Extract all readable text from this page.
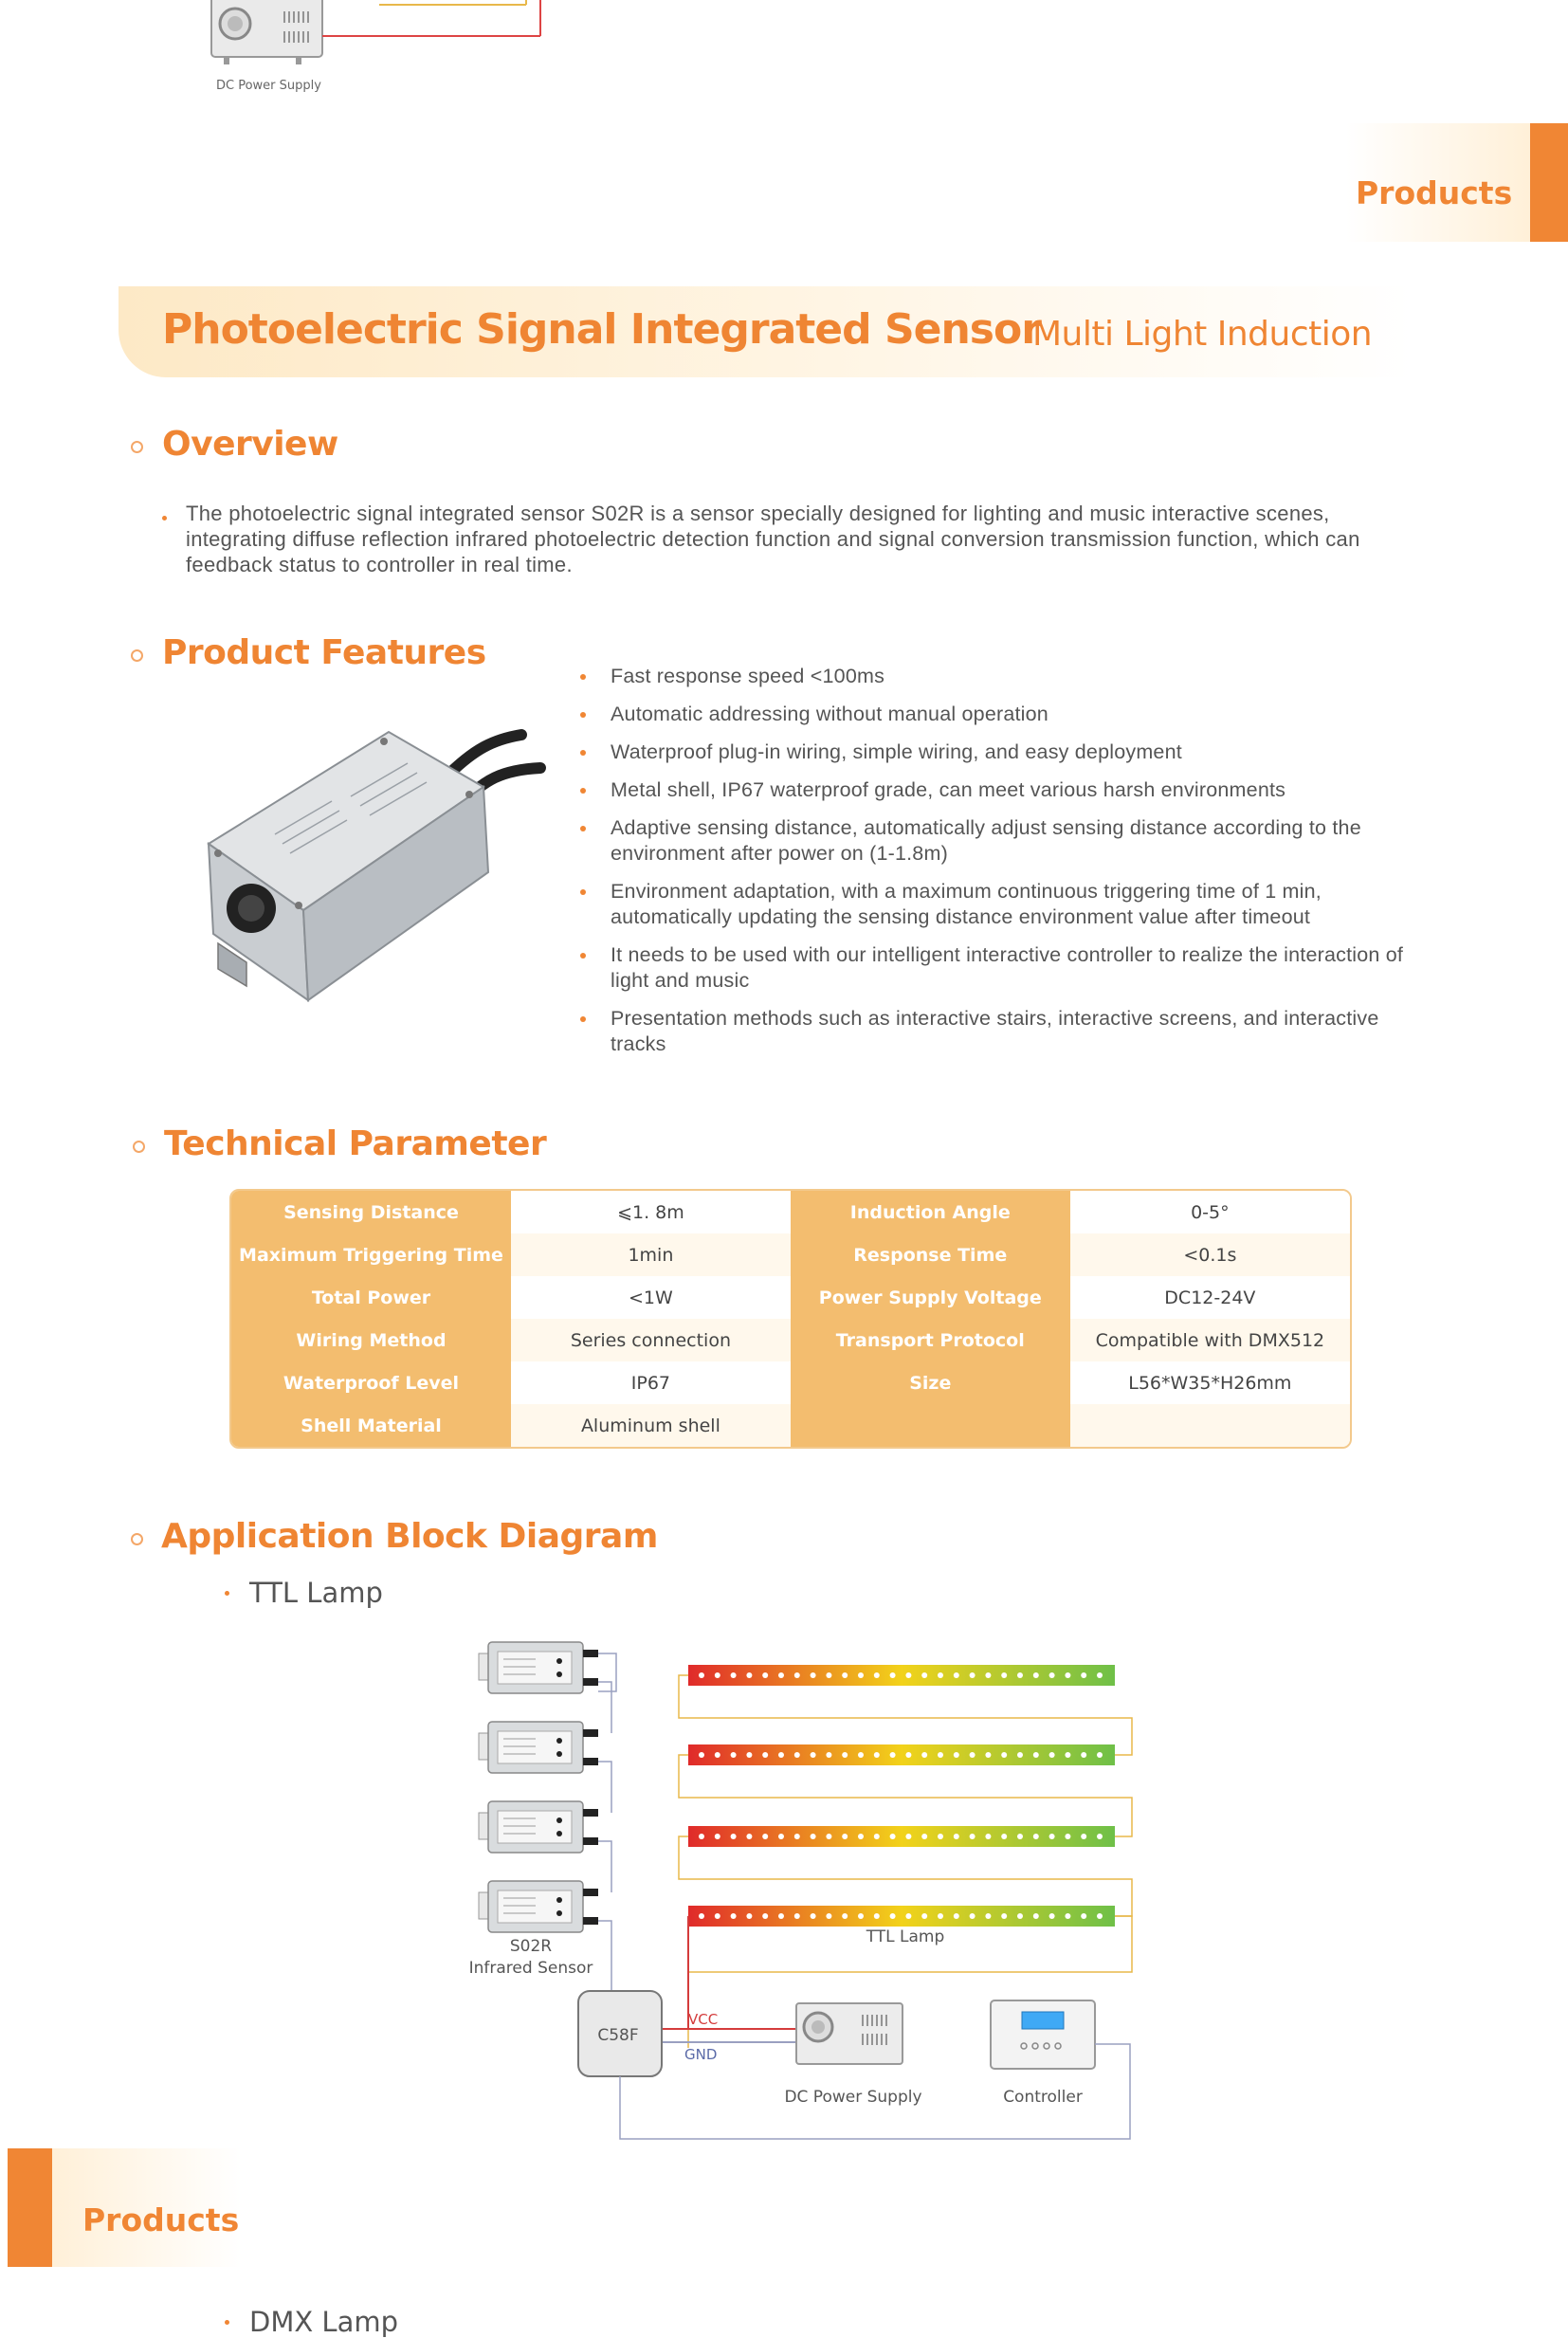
DC Power Supply
Products
Photoelectric Signal Integrated Sensor
Multi Light Induction
Overview
The photoelectric signal integrated sensor S02R is a sensor specially designed for lighting and music interactive scenes, integrating diffuse reflection infrared photoelectric detection function and signal conversion transmission function, which can feedback status to controller in real time.
Product Features
Fast response speed <100ms
Automatic addressing without manual operation
Waterproof plug-in wiring, simple wiring, and easy deployment
Metal shell, IP67 waterproof grade, can meet various harsh environments
Adaptive sensing distance, automatically adjust sensing distance according to the environment after power on (1-1.8m)
Environment adaptation, with a maximum continuous triggering time of 1 min, automatically updating the sensing distance environment value after timeout
It needs to be used with our intelligent interactive controller to realize the interaction of light and music
Presentation methods such as interactive stairs, interactive screens, and interactive tracks
Technical Parameter
Sensing Distance	⩽1. 8m	Induction Angle	0-5°
Maximum Triggering Time	1min	Response Time	<0.1s
Total Power	<1W	Power Supply Voltage	DC12-24V
Wiring Method	Series connection	Transport Protocol	Compatible with DMX512
Waterproof Level	IP67	Size	L56*W35*H26mm
Shell Material	Aluminum shell		
Application Block Diagram
TTL Lamp
S02R
Infrared Sensor
TTL Lamp
C58F
VCC
GND
DC Power Supply	Controller
Products
DMX Lamp
